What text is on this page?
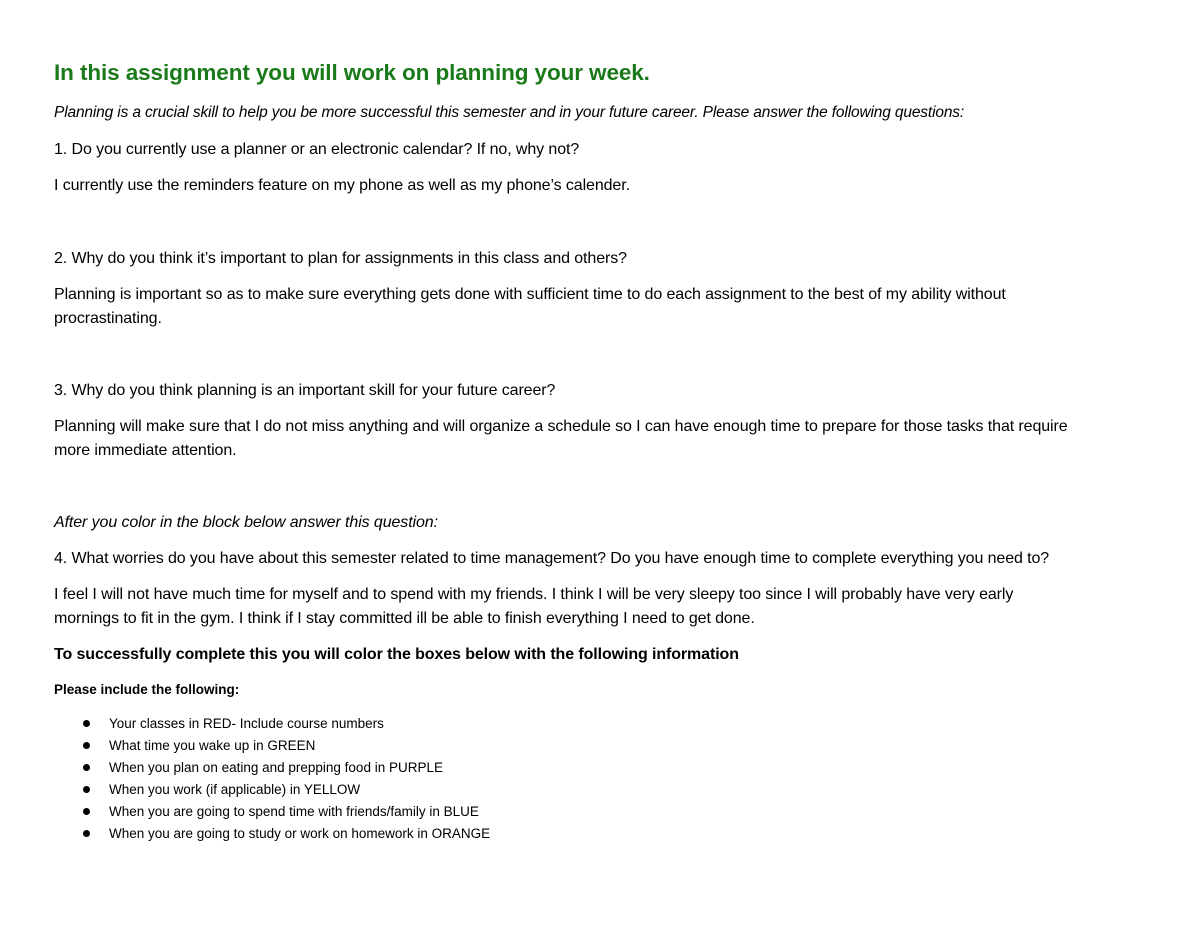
In this assignment you will work on planning your week.
Planning is a crucial skill to help you be more successful this semester and in your future career. Please answer the following questions:
1. Do you currently use a planner or an electronic calendar? If no, why not?
I currently use the reminders feature on my phone as well as my phone’s calender.
2. Why do you think it’s important to plan for assignments in this class and others?
Planning is important so as to make sure everything gets done with sufficient time to do each assignment to the best of my ability without
procrastinating.
3. Why do you think planning is an important skill for your future career?
Planning will make sure that I do not miss anything and will organize a schedule so I can have enough time to prepare for those tasks that require
more immediate attention.
After you color in the block below answer this question:
4. What worries do you have about this semester related to time management? Do you have enough time to complete everything you need to?
I feel I will not have much time for myself and to spend with my friends. I think I will be very sleepy too since I will probably have very early
mornings to fit in the gym. I think if I stay committed ill be able to finish everything I need to get done.
To successfully complete this you will color the boxes below with the following information
Please include the following:
Your classes in RED- Include course numbers
What time you wake up in GREEN
When you plan on eating and prepping food in PURPLE
When you work (if applicable) in YELLOW
When you are going to spend time with friends/family in BLUE
When you are going to study or work on homework in ORANGE
